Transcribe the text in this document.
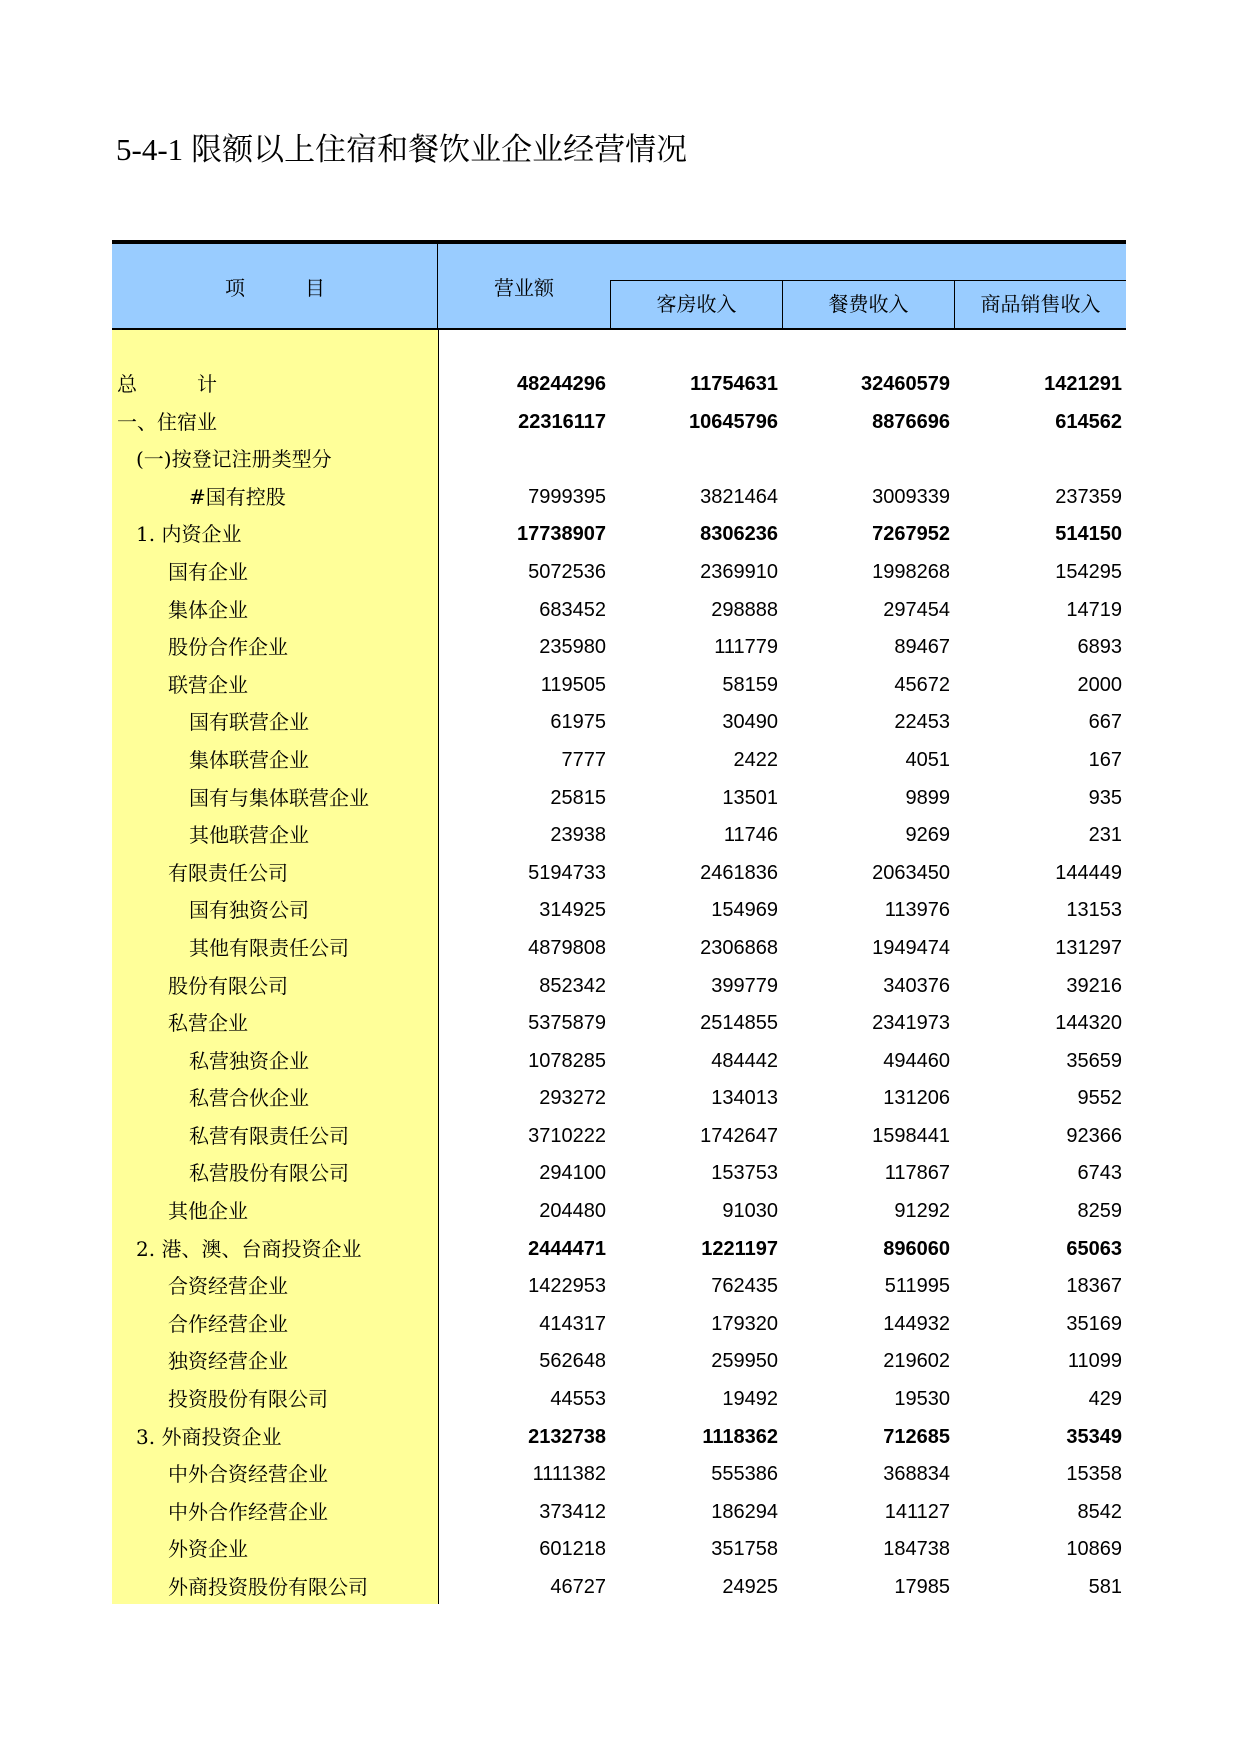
5-4-1 限额以上住宿和餐饮业企业经营情况
项　　　目	营业额
客房收入	餐费收入	商品销售收入
总　　　计	48244296	11754631	32460579	1421291
一、住宿业	22316117	10645796	8876696	614562
(一)按登记注册类型分
#国有控股	7999395	3821464	3009339	237359
1. 内资企业	17738907	8306236	7267952	514150
国有企业	5072536	2369910	1998268	154295
集体企业	683452	298888	297454	14719
股份合作企业	235980	111779	89467	6893
联营企业	119505	58159	45672	2000
国有联营企业	61975	30490	22453	667
集体联营企业	7777	2422	4051	167
国有与集体联营企业	25815	13501	9899	935
其他联营企业	23938	11746	9269	231
有限责任公司	5194733	2461836	2063450	144449
国有独资公司	314925	154969	113976	13153
其他有限责任公司	4879808	2306868	1949474	131297
股份有限公司	852342	399779	340376	39216
私营企业	5375879	2514855	2341973	144320
私营独资企业	1078285	484442	494460	35659
私营合伙企业	293272	134013	131206	9552
私营有限责任公司	3710222	1742647	1598441	92366
私营股份有限公司	294100	153753	117867	6743
其他企业	204480	91030	91292	8259
2. 港、澳、台商投资企业	2444471	1221197	896060	65063
合资经营企业	1422953	762435	511995	18367
合作经营企业	414317	179320	144932	35169
独资经营企业	562648	259950	219602	11099
投资股份有限公司	44553	19492	19530	429
3. 外商投资企业	2132738	1118362	712685	35349
中外合资经营企业	1111382	555386	368834	15358
中外合作经营企业	373412	186294	141127	8542
外资企业	601218	351758	184738	10869
外商投资股份有限公司	46727	24925	17985	581
